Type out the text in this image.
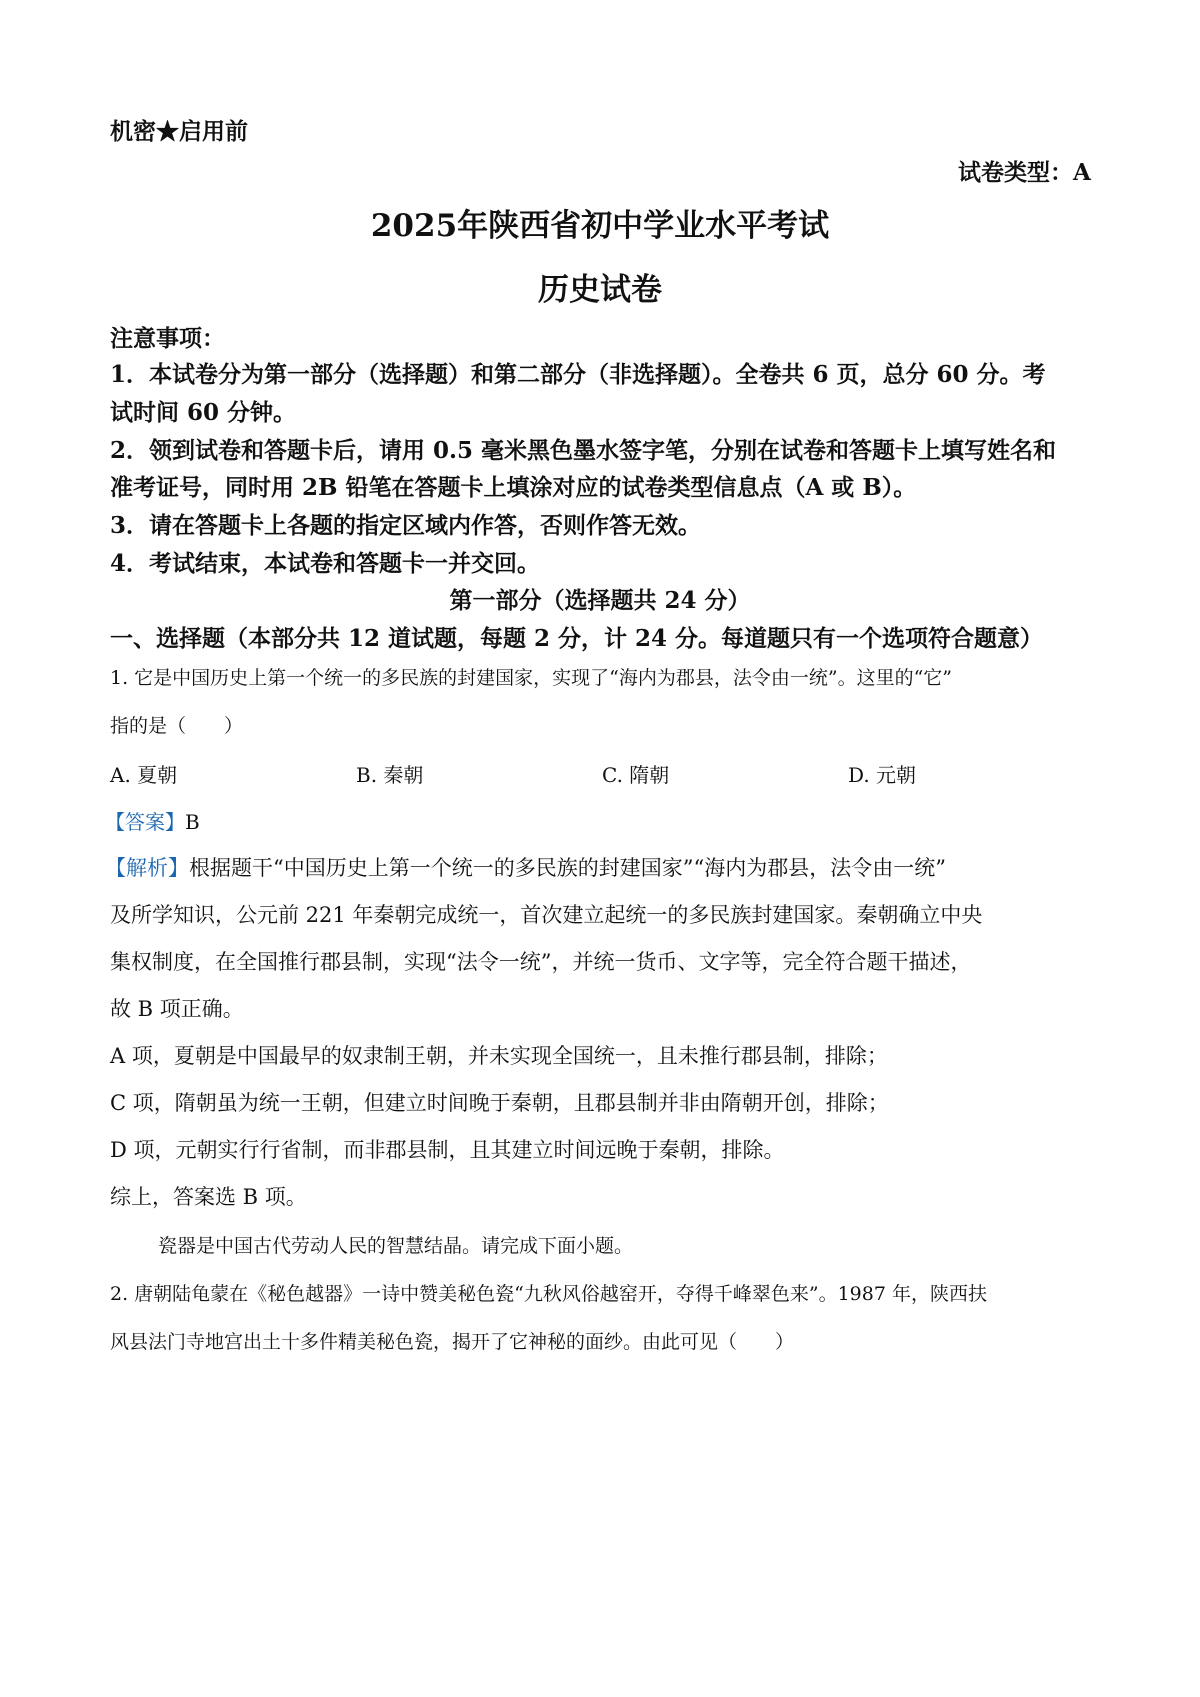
机密★启用前
试卷类型：A
2025年陕西省初中学业水平考试
历史试卷
注意事项：
1．本试卷分为第一部分（选择题）和第二部分（非选择题）。全卷共 6 页，总分 60 分。考
试时间 60 分钟。
2．领到试卷和答题卡后，请用 0.5 毫米黑色墨水签字笔，分别在试卷和答题卡上填写姓名和
准考证号，同时用 2B 铅笔在答题卡上填涂对应的试卷类型信息点（A 或 B）。
3．请在答题卡上各题的指定区域内作答，否则作答无效。
4．考试结束，本试卷和答题卡一并交回。
第一部分（选择题共 24 分）
一、选择题（本部分共 12 道试题，每题 2 分，计 24 分。每道题只有一个选项符合题意）
1. 它是中国历史上第一个统一的多民族的封建国家，实现了“海内为郡县，法令由一统”。这里的“它”
指的是（　　）
A. 夏朝	B. 秦朝	C. 隋朝	D. 元朝
【答案】B
【解析】根据题干“中国历史上第一个统一的多民族的封建国家”“海内为郡县，法令由一统”
及所学知识，公元前 221 年秦朝完成统一，首次建立起统一的多民族封建国家。秦朝确立中央
集权制度，在全国推行郡县制，实现“法令一统”，并统一货币、文字等，完全符合题干描述，
故 B 项正确。
A 项，夏朝是中国最早的奴隶制王朝，并未实现全国统一，且未推行郡县制，排除；
C 项，隋朝虽为统一王朝，但建立时间晚于秦朝，且郡县制并非由隋朝开创，排除；
D 项，元朝实行行省制，而非郡县制，且其建立时间远晚于秦朝，排除。
综上，答案选 B 项。
瓷器是中国古代劳动人民的智慧结晶。请完成下面小题。
2. 唐朝陆龟蒙在《秘色越器》一诗中赞美秘色瓷“九秋风俗越窑开，夺得千峰翠色来”。1987 年，陕西扶
风县法门寺地宫出土十多件精美秘色瓷，揭开了它神秘的面纱。由此可见（　　）
